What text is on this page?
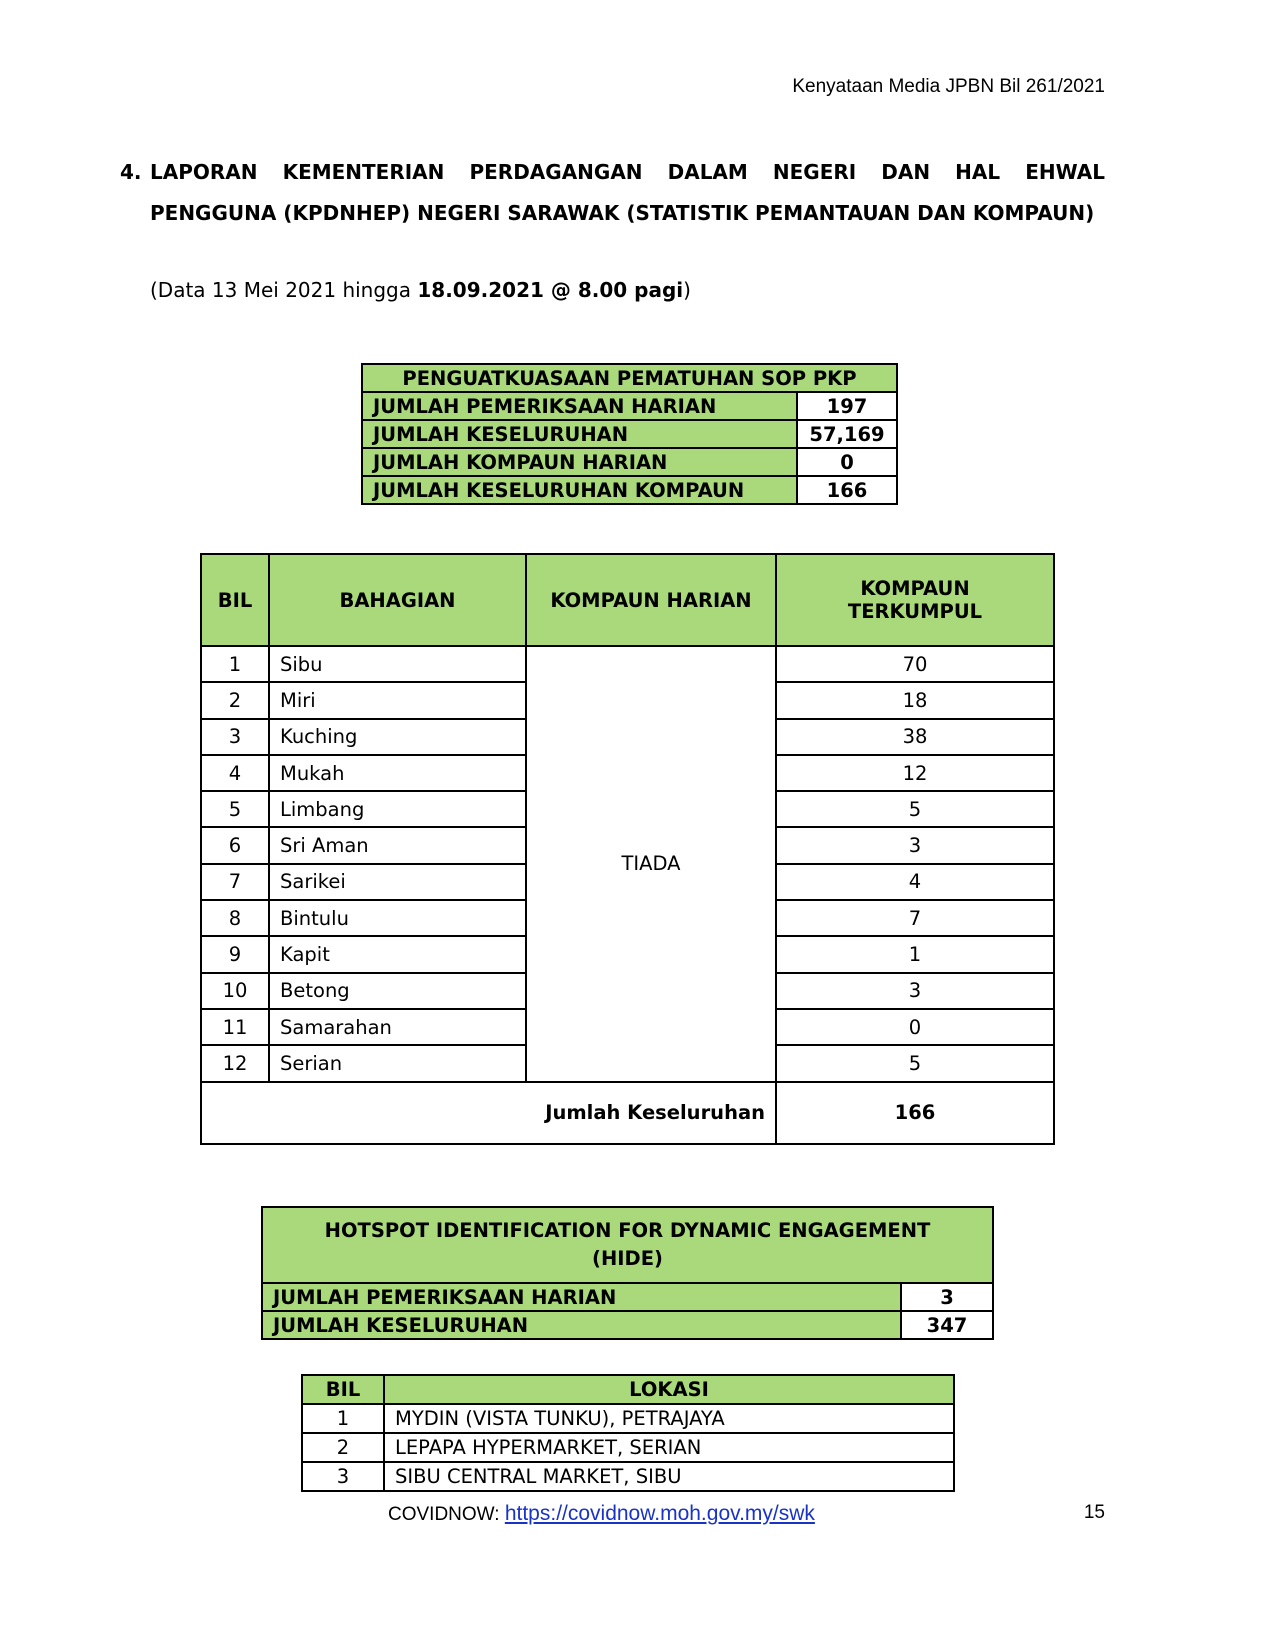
Kenyataan Media JPBN Bil 261/2021
4. LAPORAN KEMENTERIAN PERDAGANGAN DALAM NEGERI DAN HAL EHWAL PENGGUNA (KPDNHEP) NEGERI SARAWAK (STATISTIK PEMANTAUAN DAN KOMPAUN)
(Data 13 Mei 2021 hingga 18.09.2021 @ 8.00 pagi)
PENGUATKUASAAN PEMATUHAN SOP PKP	
JUMLAH PEMERIKSAAN HARIAN	197
JUMLAH KESELURUHAN	57,169
JUMLAH KOMPAUN HARIAN	0
JUMLAH KESELURUHAN KOMPAUN	166
BIL	BAHAGIAN	KOMPAUN HARIAN	KOMPAUN TERKUMPUL
1	Sibu	TIADA	70
2	Miri		18
3	Kuching		38
4	Mukah		12
5	Limbang		5
6	Sri Aman		3
7	Sarikei		4
8	Bintulu		7
9	Kapit		1
10	Betong		3
11	Samarahan		0
12	Serian		5
Jumlah Keseluruhan			166
HOTSPOT IDENTIFICATION FOR DYNAMIC ENGAGEMENT (HIDE)	
JUMLAH PEMERIKSAAN HARIAN	3
JUMLAH KESELURUHAN	347
BIL	LOKASI
1	MYDIN (VISTA TUNKU), PETRAJAYA
2	LEPAPA HYPERMARKET, SERIAN
3	SIBU CENTRAL MARKET, SIBU
COVIDNOW: https://covidnow.moh.gov.my/swk	15
